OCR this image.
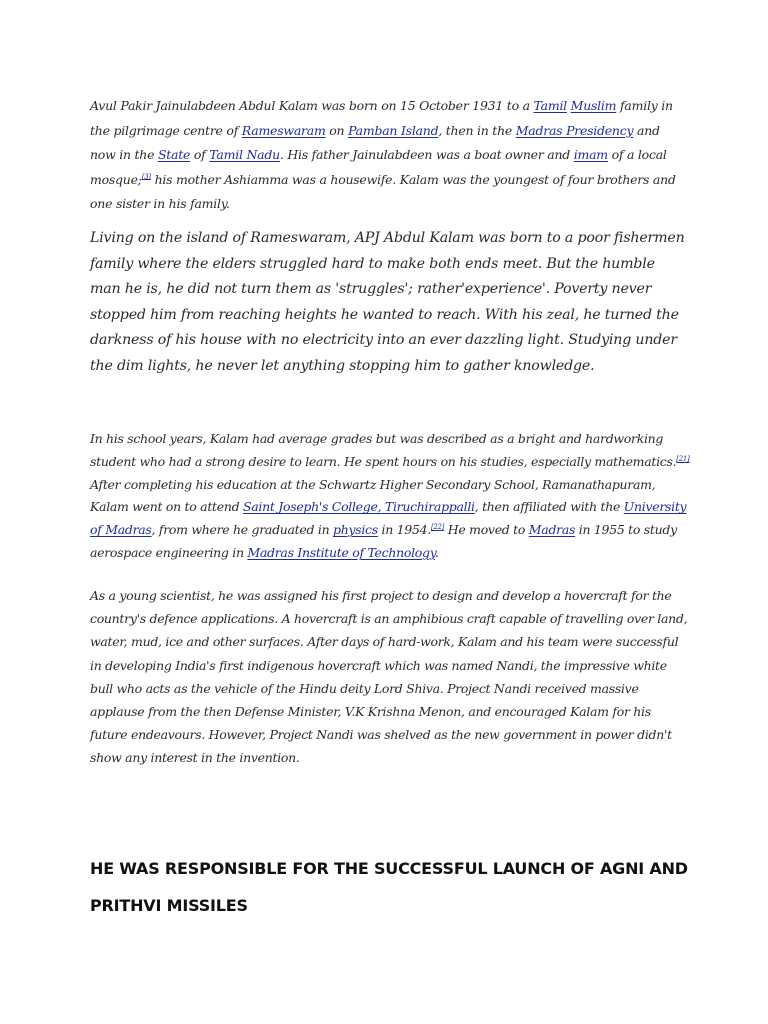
Avul Pakir Jainulabdeen Abdul Kalam was born on 15 October 1931 to a Tamil Muslim family in the pilgrimage centre of Rameswaram on Pamban Island, then in the Madras Presidency and now in the State of Tamil Nadu. His father Jainulabdeen was a boat owner and imam of a local mosque;[3] his mother Ashiamma was a housewife. Kalam was the youngest of four brothers and one sister in his family.

Living on the island of Rameswaram, APJ Abdul Kalam was born to a poor fishermen family where the elders struggled hard to make both ends meet. But the humble man he is, he did not turn them as 'struggles'; rather'experience'. Poverty never stopped him from reaching heights he wanted to reach. With his zeal, he turned the darkness of his house with no electricity into an ever dazzling light. Studying under the dim lights, he never let anything stopping him to gather knowledge.

In his school years, Kalam had average grades but was described as a bright and hardworking student who had a strong desire to learn. He spent hours on his studies, especially mathematics.[21] After completing his education at the Schwartz Higher Secondary School, Ramanathapuram, Kalam went on to attend Saint Joseph's College, Tiruchirappalli, then affiliated with the University of Madras, from where he graduated in physics in 1954.[22] He moved to Madras in 1955 to study aerospace engineering in Madras Institute of Technology.

As a young scientist, he was assigned his first project to design and develop a hovercraft for the country's defence applications. A hovercraft is an amphibious craft capable of travelling over land, water, mud, ice and other surfaces. After days of hard-work, Kalam and his team were successful in developing India's first indigenous hovercraft which was named Nandi, the impressive white bull who acts as the vehicle of the Hindu deity Lord Shiva. Project Nandi received massive applause from the then Defense Minister, V.K Krishna Menon, and encouraged Kalam for his future endeavours. However, Project Nandi was shelved as the new government in power didn't show any interest in the invention.

HE WAS RESPONSIBLE FOR THE SUCCESSFUL LAUNCH OF AGNI AND PRITHVI MISSILES
